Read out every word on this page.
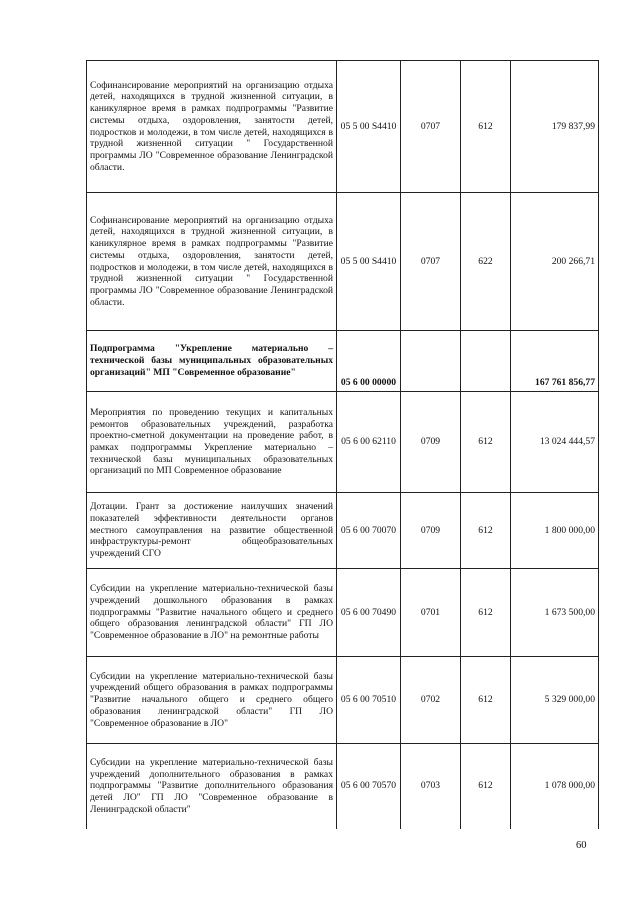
Софинансирование мероприятий на организацию отдыха детей, находящихся в трудной жизненной ситуации, в каникулярное время в рамках подпрограммы "Развитие системы отдыха, оздоровления, занятости детей, подростков и молодежи, в том числе детей, находящихся в трудной жизненной ситуации " Государственной программы ЛО "Современное образование Ленинградской области.	05 5 00 S4410	0707	612	179 837,99
Софинансирование мероприятий на организацию отдыха детей, находящихся в трудной жизненной ситуации, в каникулярное время в рамках подпрограммы "Развитие системы отдыха, оздоровления, занятости детей, подростков и молодежи, в том числе детей, находящихся в трудной жизненной ситуации " Государственной программы ЛО "Современное образование Ленинградской области.	05 5 00 S4410	0707	622	200 266,71
Подпрограмма "Укрепление материально – технической базы муниципальных образовательных организаций" МП "Современное образование"	05 6 00 00000			167 761 856,77
Мероприятия по проведению текущих и капитальных ремонтов образовательных учреждений, разработка проектно-сметной документации на проведение работ, в рамках подпрограммы Укрепление материально – технической базы муниципальных образовательных организаций по МП Современное образование	05 6 00 62110	0709	612	13 024 444,57
Дотации. Грант за достижение наилучших значений показателей эффективности деятельности органов местного самоуправления на развитие общественной инфраструктуры-ремонт общеобразовательных учреждений СГО	05 6 00 70070	0709	612	1 800 000,00
Субсидии на укрепление материально-технической базы учреждений дошкольного образования в рамках подпрограммы "Развитие начального общего и среднего общего образования ленинградской области" ГП ЛО "Современное образование в ЛО" на ремонтные работы	05 6 00 70490	0701	612	1 673 500,00
Субсидии на укрепление материально-технической базы учреждений общего образования в рамках подпрограммы "Развитие начального общего и среднего общего образования ленинградской области" ГП ЛО "Современное образование в ЛО"	05 6 00 70510	0702	612	5 329 000,00
Субсидии на укрепление материально-технической базы учреждений дополнительного образования в рамках подпрограммы "Развитие дополнительного образования детей ЛО" ГП ЛО "Современное образование в Ленинградской области"	05 6 00 70570	0703	612	1 078 000,00
60
